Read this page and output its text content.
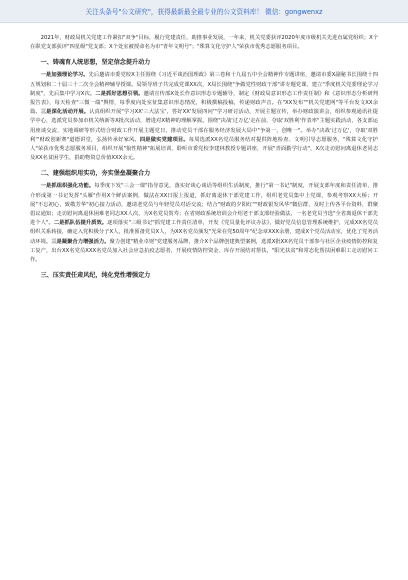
关注头条号"公文研究"，获得最新最全最专业的公文资料库！ 微信：gongwenxz

2021年，财政局机关党建工作紧扣"双争"目标，履行党建责任，助推事业发展，一年来，机关党委获评2020年度市级机关先进直属党组织；X个在职党支部获评"四星级"党支部；X个处室被授命名为市"青年文明号"；"殊算文化守护人"荣获市优秀志愿服务项目。

一、铸魂育人统思想，坚定信念提升动力

一是加强理论学习。先后邀请市委党校X主任围绕《习近平谈治国理政》第三卷和十九届五中全会精神作专题讲座，邀请市委X副秘书长围绕十四五规划和二十届三十二次全会精神辅导授课。局领导班子共完成党课XX次，X局长围绕"争做党性财政干部"讲专题党课，建立"季度机关党委理论学习制度"，先后集中学习X次。二是抓好思想引领。邀请宣传部X处长作意识形态专题辅导，制定《财政局意识形态工作责任制》和《意识形态分析研判报告表》，每天检查"三微一端"舆情，每季度向处室征集意识形态情况，积极撰稿投稿，传递财政声音。在"XX发布""机关党建网"等平台发文XX余篇。三是深化活动开展。认真组织开展"学习XX'三大法宝'，答好XX'发展四问'"学习研讨活动，开展主题宣传，举办财政演讲会，组织参观通讯社提学中心，选派党员参加市机关纳新等X批次活动，增进对X精神的理解掌握。围绕"决战'过万亿'走在前，夺取'双胜利'作表率"主题实践活动，各支部运用座谈交流、实地调研等形式结合财政工作开展主题党日，推动党员干部在服务经济发展大局中"争第一，创唯一"。举办"决战'过万亿'，夺取'双胜利'"财政创新赛"道德讲堂，弘扬传承好家风。四是做实党建项目。每周选派XX名党员服务结对提供阵地检查、文明引导志愿服务，"殊算文化守护人"荣获市优秀志愿服务项目，组织开展"狼性精神"拓展培训，聆听市委党校李建林教授专题讲座，开展"青面勤学行动"，X次走访慰问离退休老同志及XX名贫困学生，捐助物资总价值XXX余元。

二、建强组织用实功，夯实堡垒凝聚合力

一是抓组织强化功能。每季度下发"三会一课"指导意见，落实好谈心谈话等组织生活制度，推行"第一书记"制度，开展支部年度和责任清单，推介形成第一书记发挥"头雁"作用X个鲜活案例，做法在XX日报上报道，抓好离退休干部党建工作，组织老党员集中上党课，参观考察XX大桥；开展"不忘初心，致敬芳华"初心接力活动，邀请老党员与年轻党员对话交流；结合"财政的夕阳红""财政银发风华"微信群，及时上传各平台资料，群聚倡议通知；走访慰问离退休困难老同志XX人次，为X名党员贺寿；在省财政系统培训会介绍老干部支部经验做法，一名老党员当选"全省离退休干部先进个人"。二是抓队伍提升质效。逐项落实"三级书记"抓党建工作责任清单，开发《党员量化评议办法》，做好党员信息管理系统维护，完成XX名党员组织关系转接，确定入党积极分子X人，批准预备党员X人，为XX名党员颁发"光荣在党50周年"纪念章XXX余册，建成X个党员活动室，优化了党务活动环境。三是凝聚合力增强活力。聚力创建"精业卓财"党建服务品牌，推介X个品牌创建典型案例，选派X批XX名党员干部参与社区企业疫情防控和复工复产，出台XX名党员XXX名党员加入社会应急抗疫志愿者，开展疫情防控资金、库存开展结对帮扶，"阳光扶贫"和常态化帮扶困难职工走访慰问工作。

三、压实责任肃风纪，纯化党性增强定力
